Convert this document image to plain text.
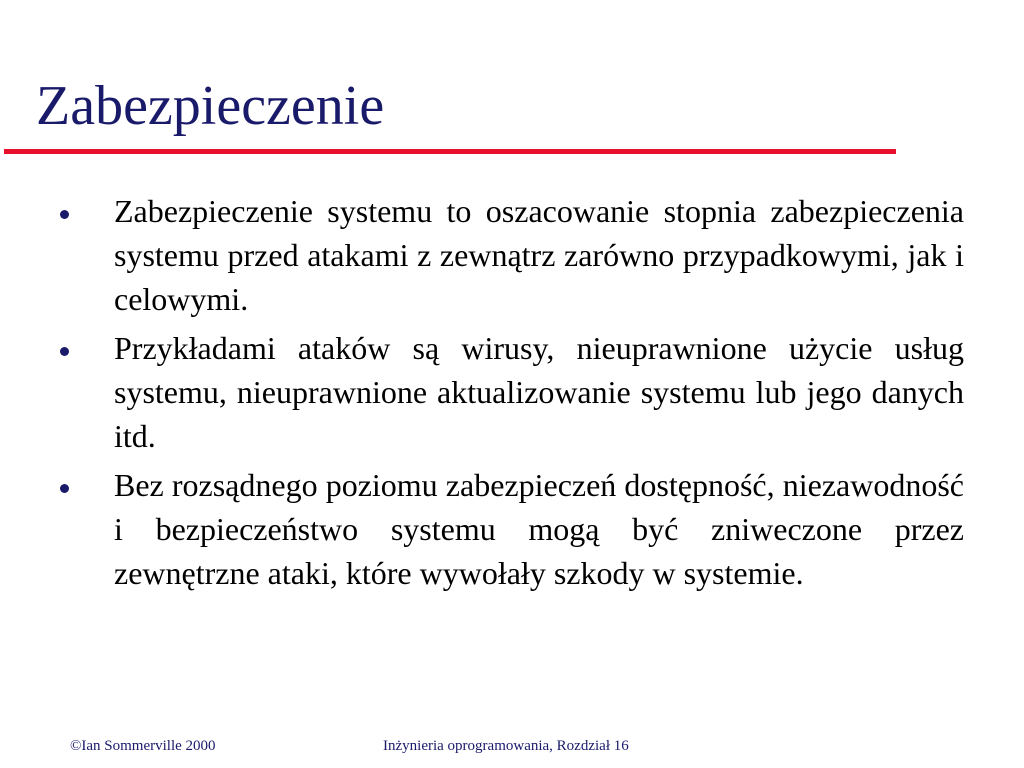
Zabezpieczenie
Zabezpieczenie systemu to oszacowanie stopnia zabezpieczenia systemu przed atakami z zewnątrz zarówno przypadkowymi, jak i celowymi.
Przykładami ataków są wirusy, nieuprawnione użycie usług systemu, nieuprawnione aktualizowanie systemu lub jego danych itd.
Bez rozsądnego poziomu zabezpieczeń dostępność, niezawodność i bezpieczeństwo systemu mogą być zniweczone przez zewnętrzne ataki, które wywołały szkody w systemie.
©Ian Sommerville 2000	Inżynieria oprogramowania, Rozdział 16
